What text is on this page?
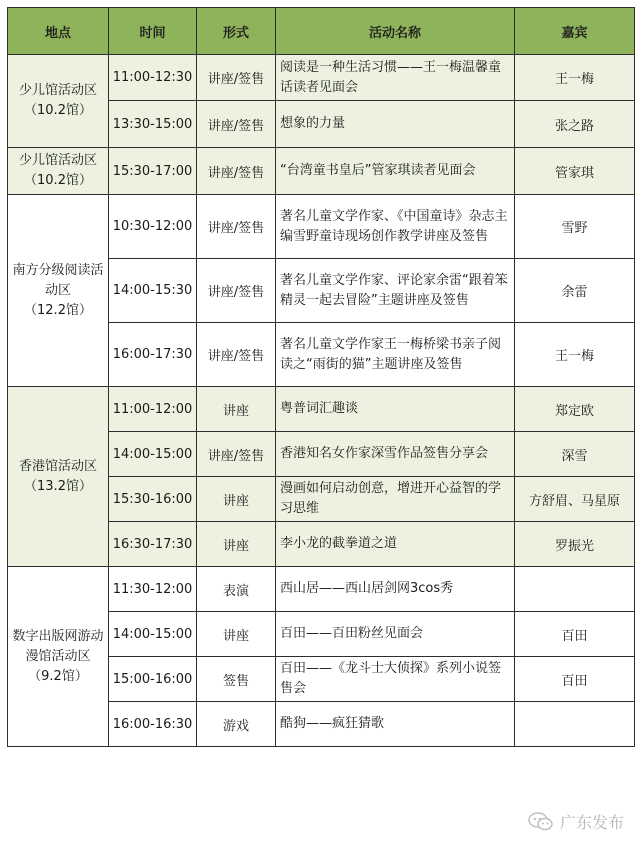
地点	时间	形式	活动名称	嘉宾

少儿馆活动区
（10.2馆）	11:00-12:30	讲座/签售	阅读是一种生活习惯——王一梅温馨童话读者见面会	王一梅
	13:30-15:00	讲座/签售	想象的力量	张之路

少儿馆活动区
（10.2馆）	15:30-17:00	讲座/签售	“台湾童书皇后”管家琪读者见面会	管家琪

南方分级阅读活
动区
（12.2馆）	10:30-12:00	讲座/签售	著名儿童文学作家、《中国童诗》杂志主编雪野童诗现场创作教学讲座及签售	雪野
	14:00-15:30	讲座/签售	著名儿童文学作家、评论家余雷“跟着笨精灵一起去冒险”主题讲座及签售	余雷
	16:00-17:30	讲座/签售	著名儿童文学作家王一梅桥梁书亲子阅读之“雨街的猫”主题讲座及签售	王一梅

香港馆活动区
（13.2馆）	11:00-12:00	讲座	粤普词汇趣谈	郑定欧
	14:00-15:00	讲座/签售	香港知名女作家深雪作品签售分享会	深雪
	15:30-16:00	讲座	漫画如何启动创意，增进开心益智的学习思维	方舒眉、马星原
	16:30-17:30	讲座	李小龙的截拳道之道	罗振光

数字出版网游动
漫馆活动区
（9.2馆）	11:30-12:00	表演	西山居——西山居剑网3cos秀	
	14:00-15:00	讲座	百田——百田粉丝见面会	百田
	15:00-16:00	签售	百田——《龙斗士大侦探》系列小说签售会	百田
	16:00-16:30	游戏	酷狗——疯狂猜歌	
广东发布
